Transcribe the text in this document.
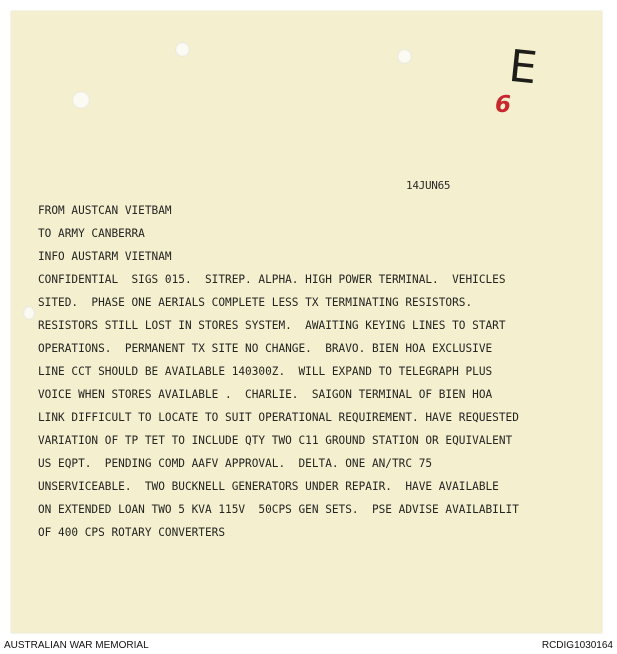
E
6
14JUN65
FROM AUSTCAN VIETBAM
TO ARMY CANBERRA
INFO AUSTARM VIETNAM
CONFIDENTIAL  SIGS 015.  SITREP. ALPHA. HIGH POWER TERMINAL.  VEHICLES
SITED.  PHASE ONE AERIALS COMPLETE LESS TX TERMINATING RESISTORS.
RESISTORS STILL LOST IN STORES SYSTEM.  AWAITING KEYING LINES TO START
OPERATIONS.  PERMANENT TX SITE NO CHANGE.  BRAVO. BIEN HOA EXCLUSIVE
LINE CCT SHOULD BE AVAILABLE 140300Z.  WILL EXPAND TO TELEGRAPH PLUS
VOICE WHEN STORES AVAILABLE .  CHARLIE.  SAIGON TERMINAL OF BIEN HOA
LINK DIFFICULT TO LOCATE TO SUIT OPERATIONAL REQUIREMENT. HAVE REQUESTED
VARIATION OF TP TET TO INCLUDE QTY TWO C11 GROUND STATION OR EQUIVALENT
US EQPT.  PENDING COMD AAFV APPROVAL.  DELTA. ONE AN/TRC 75
UNSERVICEABLE.  TWO BUCKNELL GENERATORS UNDER REPAIR.  HAVE AVAILABLE
ON EXTENDED LOAN TWO 5 KVA 115V  50CPS GEN SETS.  PSE ADVISE AVAILABILIT
OF 400 CPS ROTARY CONVERTERS
AUSTRALIAN WAR MEMORIAL	RCDIG1030164
